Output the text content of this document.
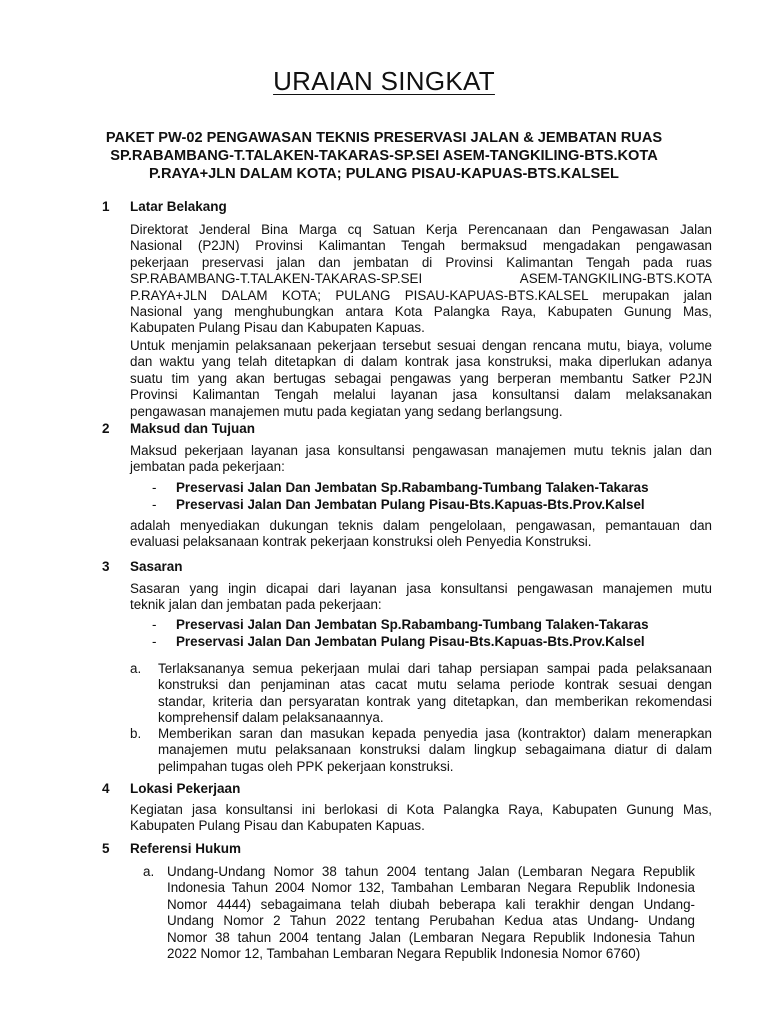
URAIAN SINGKAT
PAKET PW-02 PENGAWASAN TEKNIS PRESERVASI JALAN & JEMBATAN RUAS
SP.RABAMBANG-T.TALAKEN-TAKARAS-SP.SEI ASEM-TANGKILING-BTS.KOTA
P.RAYA+JLN DALAM KOTA; PULANG PISAU-KAPUAS-BTS.KALSEL
1 Latar Belakang
Direktorat Jenderal Bina Marga cq Satuan Kerja Perencanaan dan Pengawasan Jalan
Nasional (P2JN) Provinsi Kalimantan Tengah bermaksud mengadakan pengawasan
pekerjaan preservasi jalan dan jembatan di Provinsi Kalimantan Tengah pada ruas
SP.RABAMBANG-T.TALAKEN-TAKARAS-SP.SEI ASEM-TANGKILING-BTS.KOTA
P.RAYA+JLN DALAM KOTA; PULANG PISAU-KAPUAS-BTS.KALSEL merupakan jalan
Nasional yang menghubungkan antara Kota Palangka Raya, Kabupaten Gunung Mas,
Kabupaten Pulang Pisau dan Kabupaten Kapuas.
Untuk menjamin pelaksanaan pekerjaan tersebut sesuai dengan rencana mutu, biaya, volume
dan waktu yang telah ditetapkan di dalam kontrak jasa konstruksi, maka diperlukan adanya
suatu tim yang akan bertugas sebagai pengawas yang berperan membantu Satker P2JN
Provinsi Kalimantan Tengah melalui layanan jasa konsultansi dalam melaksanakan
pengawasan manajemen mutu pada kegiatan yang sedang berlangsung.
2 Maksud dan Tujuan
Maksud pekerjaan layanan jasa konsultansi pengawasan manajemen mutu teknis jalan dan
jembatan pada pekerjaan:
- Preservasi Jalan Dan Jembatan Sp.Rabambang-Tumbang Talaken-Takaras
- Preservasi Jalan Dan Jembatan Pulang Pisau-Bts.Kapuas-Bts.Prov.Kalsel
adalah menyediakan dukungan teknis dalam pengelolaan, pengawasan, pemantauan dan
evaluasi pelaksanaan kontrak pekerjaan konstruksi oleh Penyedia Konstruksi.
3 Sasaran
Sasaran yang ingin dicapai dari layanan jasa konsultansi pengawasan manajemen mutu
teknik jalan dan jembatan pada pekerjaan:
- Preservasi Jalan Dan Jembatan Sp.Rabambang-Tumbang Talaken-Takaras
- Preservasi Jalan Dan Jembatan Pulang Pisau-Bts.Kapuas-Bts.Prov.Kalsel
a. Terlaksananya semua pekerjaan mulai dari tahap persiapan sampai pada pelaksanaan
konstruksi dan penjaminan atas cacat mutu selama periode kontrak sesuai dengan
standar, kriteria dan persyaratan kontrak yang ditetapkan, dan memberikan rekomendasi
komprehensif dalam pelaksanaannya.
b. Memberikan saran dan masukan kepada penyedia jasa (kontraktor) dalam menerapkan
manajemen mutu pelaksanaan konstruksi dalam lingkup sebagaimana diatur di dalam
pelimpahan tugas oleh PPK pekerjaan konstruksi.
4 Lokasi Pekerjaan
Kegiatan jasa konsultansi ini berlokasi di Kota Palangka Raya, Kabupaten Gunung Mas,
Kabupaten Pulang Pisau dan Kabupaten Kapuas.
5 Referensi Hukum
a. Undang-Undang Nomor 38 tahun 2004 tentang Jalan (Lembaran Negara Republik
Indonesia Tahun 2004 Nomor 132, Tambahan Lembaran Negara Republik Indonesia
Nomor 4444) sebagaimana telah diubah beberapa kali terakhir dengan Undang-
Undang Nomor 2 Tahun 2022 tentang Perubahan Kedua atas Undang- Undang
Nomor 38 tahun 2004 tentang Jalan (Lembaran Negara Republik Indonesia Tahun
2022 Nomor 12, Tambahan Lembaran Negara Republik Indonesia Nomor 6760)
